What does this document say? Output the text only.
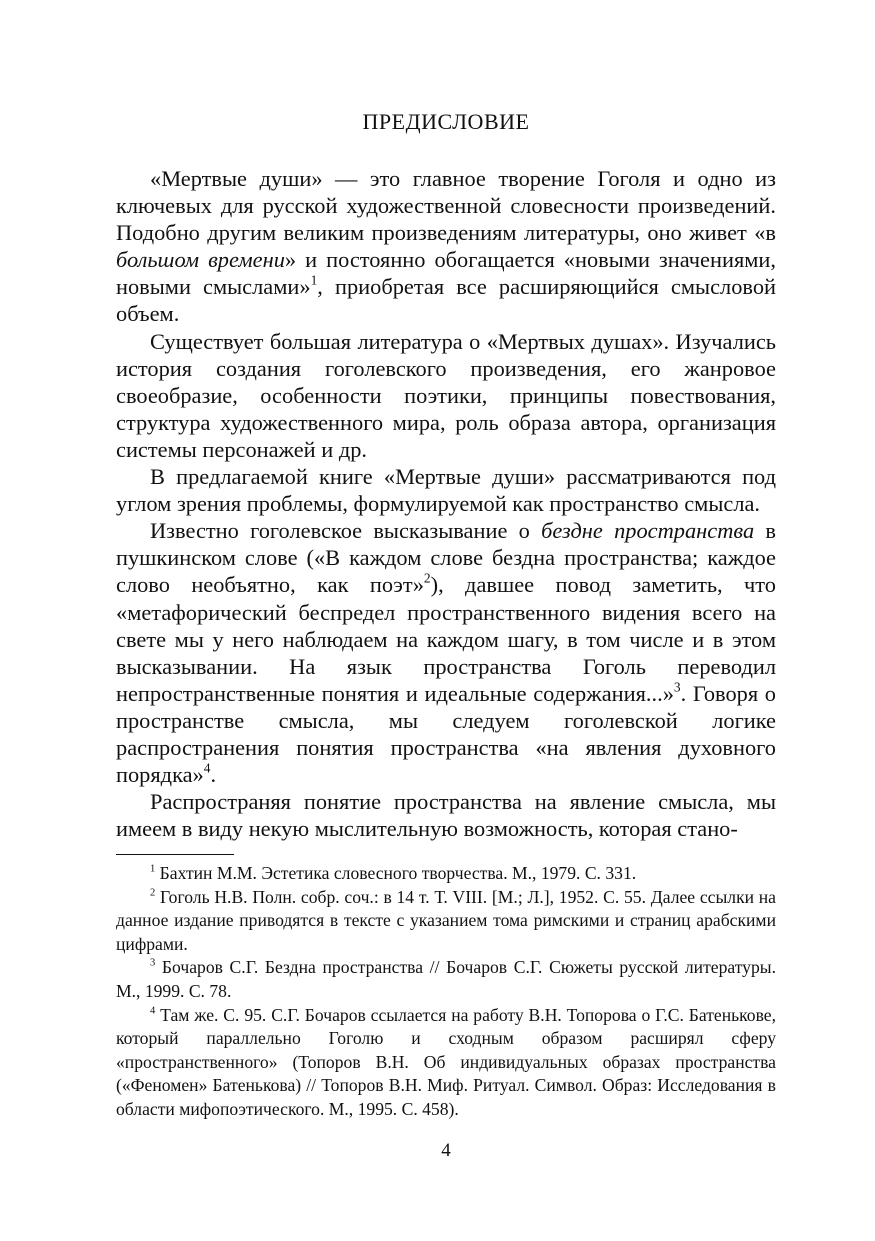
ПРЕДИСЛОВИЕ

«Мертвые души» — это главное творение Гоголя и одно из ключевых для русской художественной словесности произведений. Подобно другим великим произведениям литературы, оно живет «в большом времени» и постоянно обогащается «новыми значениями, новыми смыслами»$^1$, приобретая все расширяющийся смысловой объем.

Существует большая литература о «Мертвых душах». Изучались история создания гоголевского произведения, его жанровое своеобразие, особенности поэтики, принципы повествования, структура художественного мира, роль образа автора, организация системы персонажей и др.

В предлагаемой книге «Мертвые души» рассматриваются под углом зрения проблемы, формулируемой как пространство смысла.

Известно гоголевское высказывание о бездне пространства в пушкинском слове («В каждом слове бездна пространства; каждое слово необъятно, как поэт»$^2$), давшее повод заметить, что «метафорический беспредел пространственного видения всего на свете мы у него наблюдаем на каждом шагу, в том числе и в этом высказывании. На язык пространства Гоголь переводил непространственные понятия и идеальные содержания...»$^3$. Говоря о пространстве смысла, мы следуем гоголевской логике распространения понятия пространства «на явления духовного порядка»$^4$.

Распространяя понятие пространства на явление смысла, мы имеем в виду некую мыслительную возможность, которая стано-

$^1$ Бахтин М.М. Эстетика словесного творчества. М., 1979. С. 331.

$^2$ Гоголь Н.В. Полн. собр. соч.: в 14 т. Т. VIII. [М.; Л.], 1952. С. 55. Далее ссылки на данное издание приводятся в тексте с указанием тома римскими и страниц арабскими цифрами.

$^3$ Бочаров С.Г. Бездна пространства // Бочаров С.Г. Сюжеты русской литературы. М., 1999. С. 78.

$^4$ Там же. С. 95. С.Г. Бочаров ссылается на работу В.Н. Топорова о Г.С. Батенькове, который параллельно Гоголю и сходным образом расширял сферу «пространственного» (Топоров В.Н. Об индивидуальных образах пространства («Феномен» Батенькова) // Топоров В.Н. Миф. Ритуал. Символ. Образ: Исследования в области мифопоэтического. М., 1995. С. 458).

4
